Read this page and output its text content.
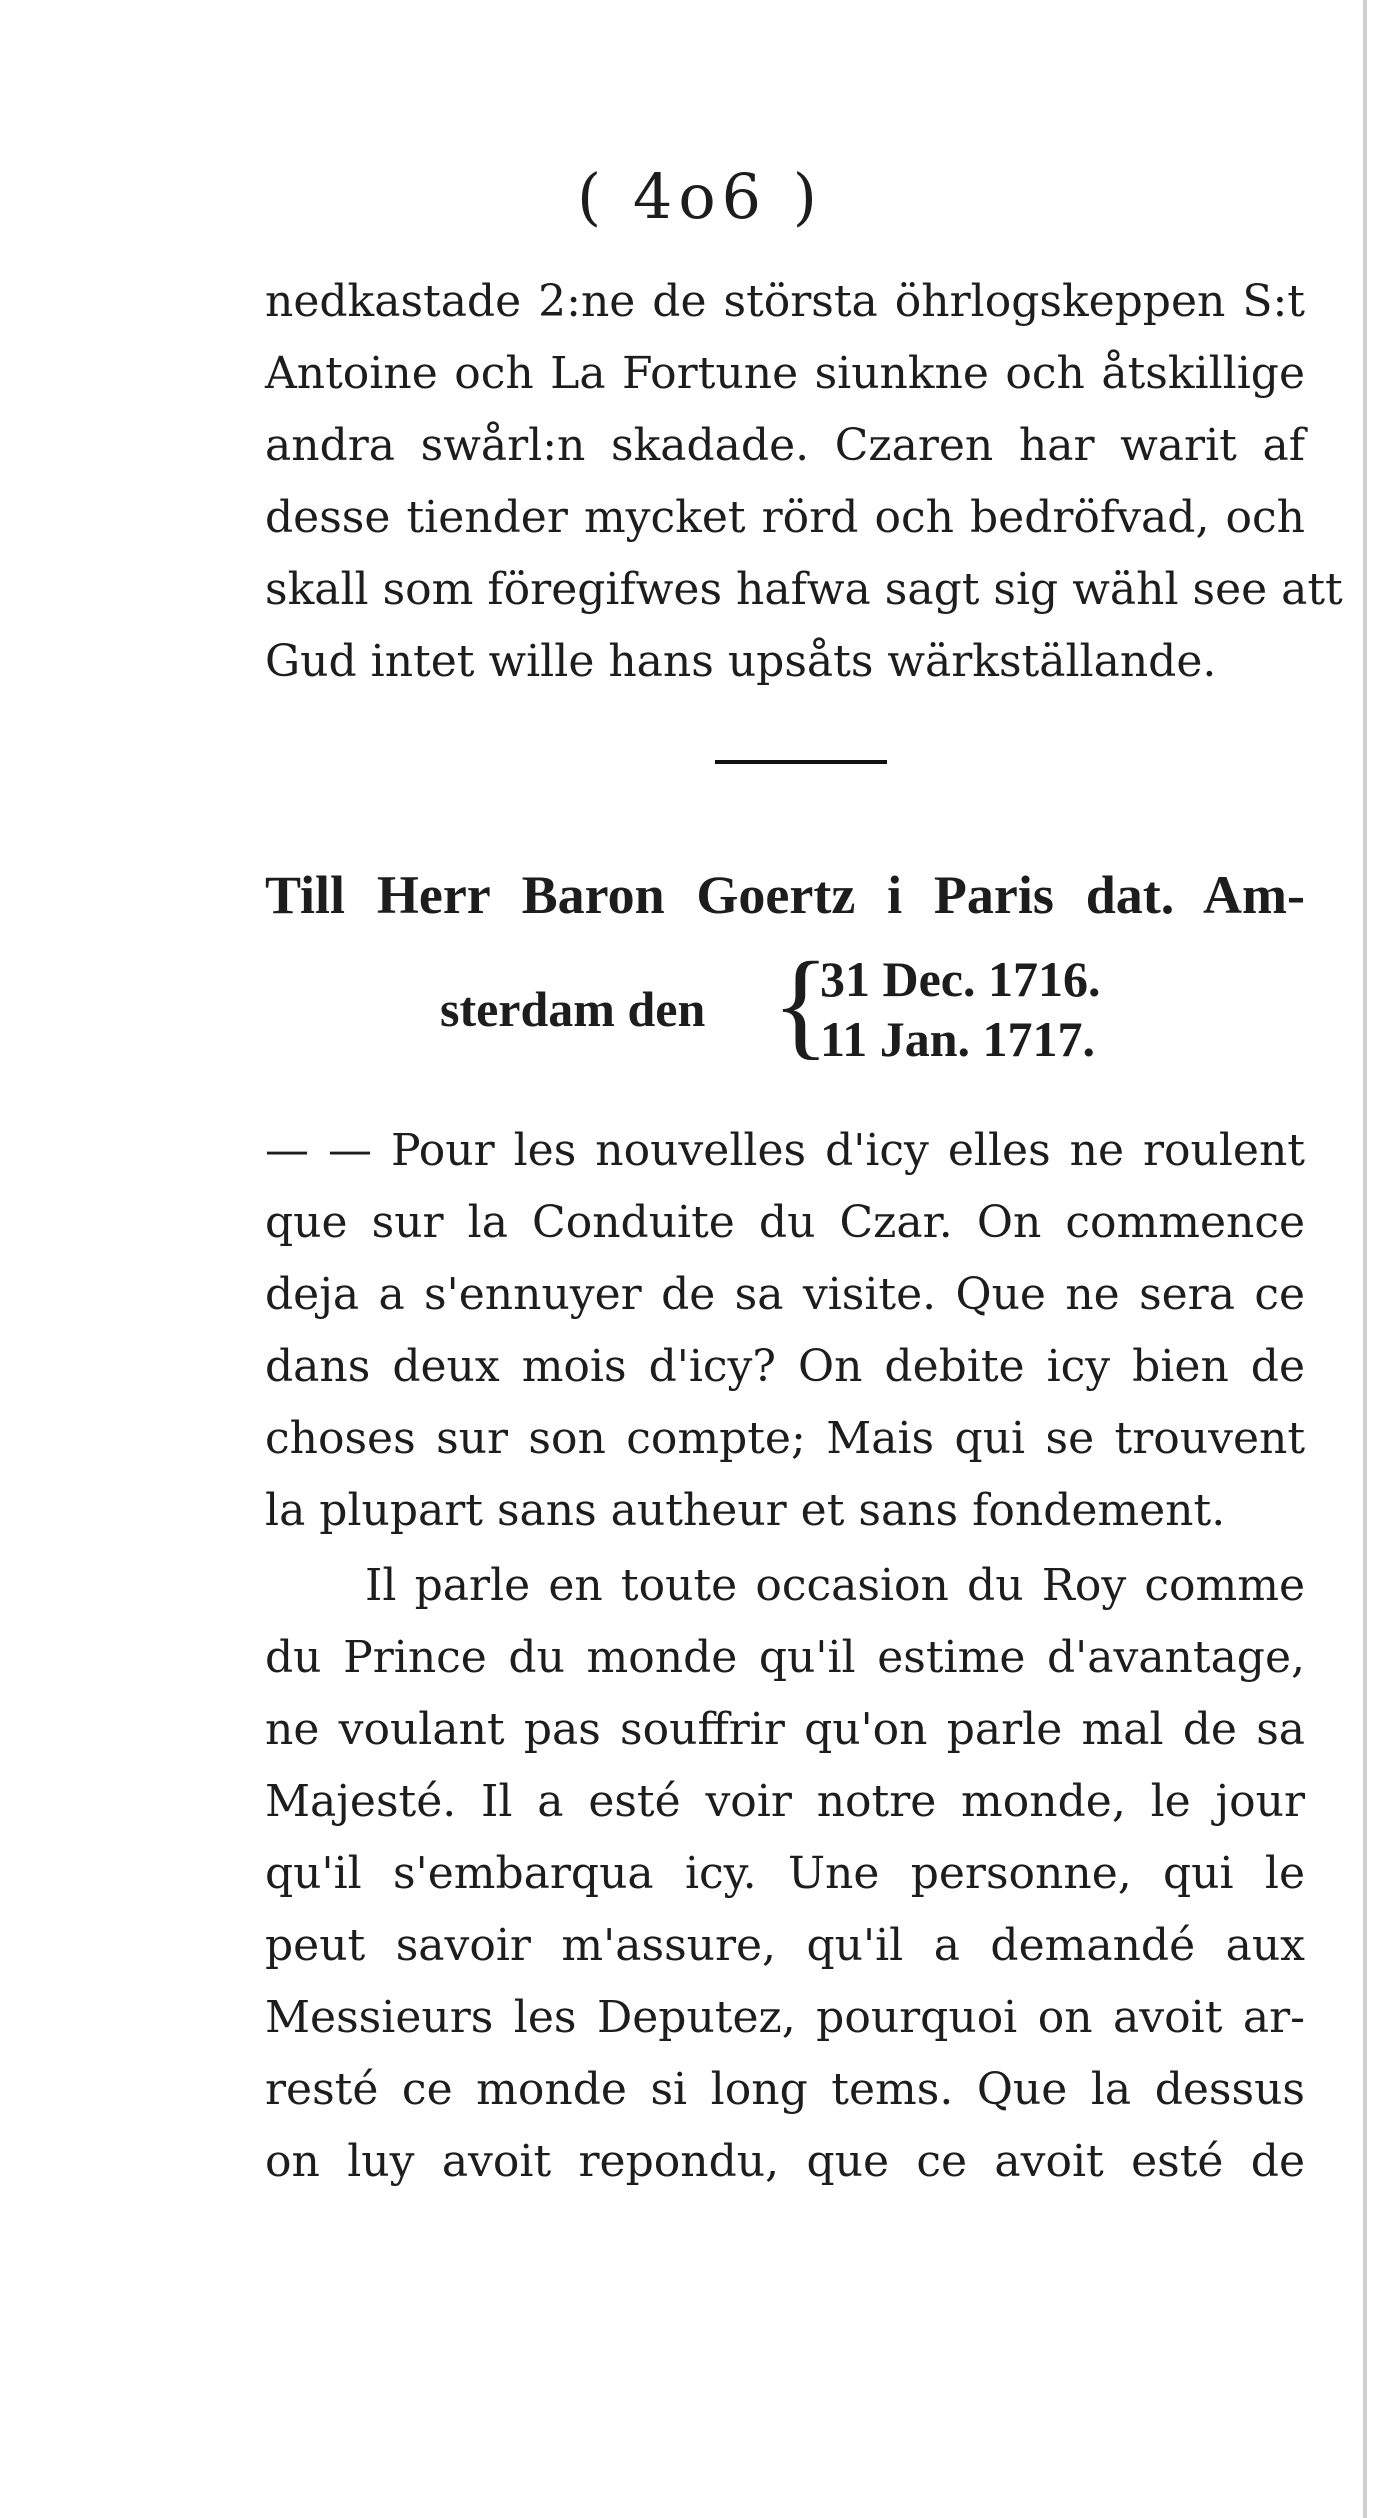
( 4o6 )
nedkastade 2:ne de största öhrlogskeppen S:t
Antoine och La Fortune siunkne och åtskillige
andra swårl:n skadade. Czaren har warit af
desse tiender mycket rörd och bedröfvad, och
skall som föregifwes hafwa sagt sig wähl see att
Gud intet wille hans upsåts wärkställande.
Till Herr Baron Goertz i Paris dat. Am-
sterdam den {
31 Dec. 1716.
11 Jan. 1717.
— — Pour les nouvelles d'icy elles ne roulent
que sur la Conduite du Czar. On commence
deja a s'ennuyer de sa visite. Que ne sera ce
dans deux mois d'icy? On debite icy bien de
choses sur son compte; Mais qui se trouvent
la plupart sans autheur et sans fondement.
Il parle en toute occasion du Roy comme
du Prince du monde qu'il estime d'avantage,
ne voulant pas souffrir qu'on parle mal de sa
Majesté. Il a esté voir notre monde, le jour
qu'il s'embarqua icy. Une personne, qui le
peut savoir m'assure, qu'il a demandé aux
Messieurs les Deputez, pourquoi on avoit ar-
resté ce monde si long tems. Que la dessus
on luy avoit repondu, que ce avoit esté de
